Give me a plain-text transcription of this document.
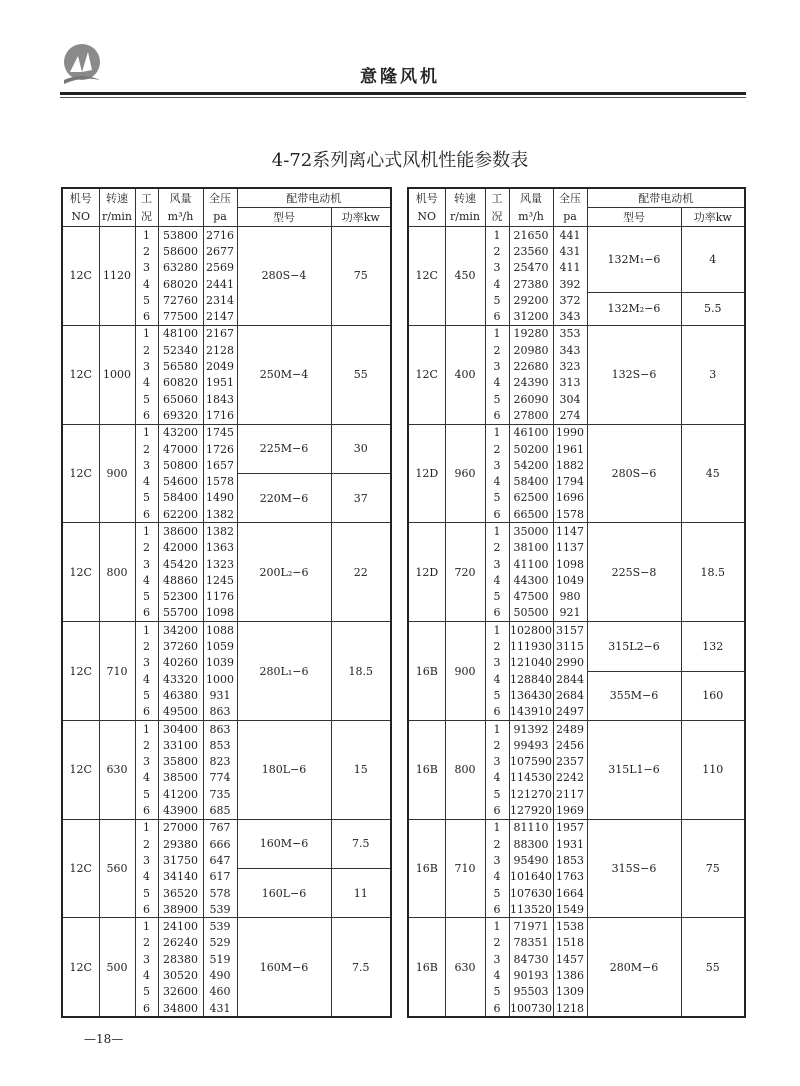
意隆风机
4-72系列离心式风机性能参数表
机号	转速	工	风量	全压	配带电动机	
NO	r/min	况	m³/h	pa	型号	功率kw
12C	1120	1	53800	2716	280S−4	75
		2	58600	2677		
		3	63280	2569		
		4	68020	2441		
		5	72760	2314		
		6	77500	2147		
12C	1000	1	48100	2167	250M−4	55
		2	52340	2128		
		3	56580	2049		
		4	60820	1951		
		5	65060	1843		
		6	69320	1716		
12C	900	1	43200	1745	225M−6	30
		2	47000	1726		
		3	50800	1657		
		4	54600	1578	220M−6	37
		5	58400	1490		
		6	62200	1382		
12C	800	1	38600	1382	200L₂−6	22
		2	42000	1363		
		3	45420	1323		
		4	48860	1245		
		5	52300	1176		
		6	55700	1098		
12C	710	1	34200	1088	280L₁−6	18.5
		2	37260	1059		
		3	40260	1039		
		4	43320	1000		
		5	46380	931		
		6	49500	863		
12C	630	1	30400	863	180L−6	15
		2	33100	853		
		3	35800	823		
		4	38500	774		
		5	41200	735		
		6	43900	685		
12C	560	1	27000	767	160M−6	7.5
		2	29380	666		
		3	31750	647		
		4	34140	617	160L−6	11
		5	36520	578		
		6	38900	539		
12C	500	1	24100	539	160M−6	7.5
		2	26240	529		
		3	28380	519		
		4	30520	490		
		5	32600	460		
		6	34800	431		
机号	转速	工	风量	全压	配带电动机	
NO	r/min	况	m³/h	pa	型号	功率kw
12C	450	1	21650	441	132M₁−6	4
		2	23560	431		
		3	25470	411		
		4	27380	392		
		5	29200	372	132M₂−6	5.5
		6	31200	343		
12C	400	1	19280	353	132S−6	3
		2	20980	343		
		3	22680	323		
		4	24390	313		
		5	26090	304		
		6	27800	274		
12D	960	1	46100	1990	280S−6	45
		2	50200	1961		
		3	54200	1882		
		4	58400	1794		
		5	62500	1696		
		6	66500	1578		
12D	720	1	35000	1147	225S−8	18.5
		2	38100	1137		
		3	41100	1098		
		4	44300	1049		
		5	47500	980		
		6	50500	921		
16B	900	1	102800	3157	315L2−6	132
		2	111930	3115		
		3	121040	2990		
		4	128840	2844	355M−6	160
		5	136430	2684		
		6	143910	2497		
16B	800	1	91392	2489	315L1−6	110
		2	99493	2456		
		3	107590	2357		
		4	114530	2242		
		5	121270	2117		
		6	127920	1969		
16B	710	1	81110	1957	315S−6	75
		2	88300	1931		
		3	95490	1853		
		4	101640	1763		
		5	107630	1664		
		6	113520	1549		
16B	630	1	71971	1538	280M−6	55
		2	78351	1518		
		3	84730	1457		
		4	90193	1386		
		5	95503	1309		
		6	100730	1218		
—18—
